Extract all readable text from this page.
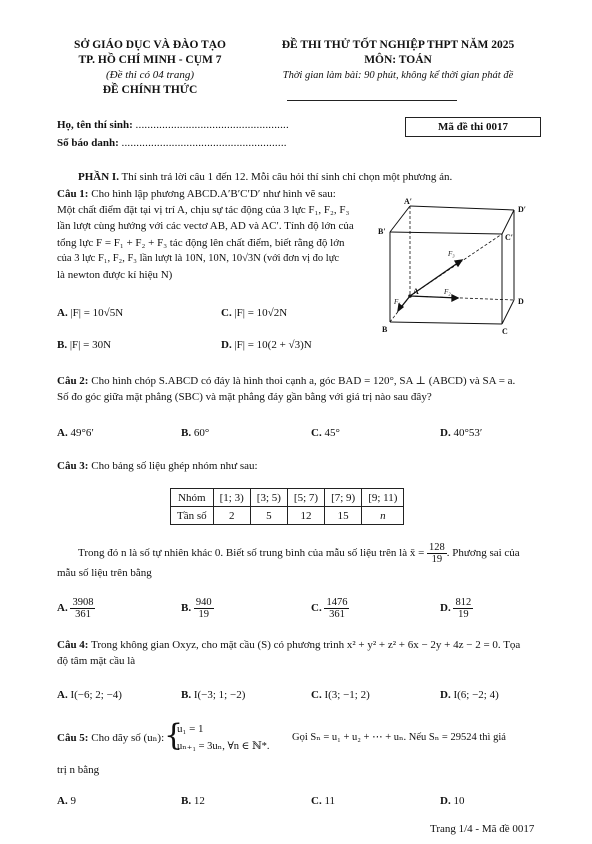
SỞ GIÁO DỤC VÀ ĐÀO TẠO
TP. HỒ CHÍ MINH - CỤM 7
(Đề thi có 04 trang)
ĐỀ CHÍNH THỨC
ĐỀ THI THỬ TỐT NGHIỆP THPT NĂM 2025
MÔN: TOÁN
Thời gian làm bài: 90 phút, không kể thời gian phát đề
Họ, tên thí sinh: ....................................................
Số báo danh: ........................................................
Mã đề thi 0017
PHẦN I. Thí sinh trả lời câu 1 đến 12. Mỗi câu hỏi thí sinh chỉ chọn một phương án.
Câu 1: Cho hình lập phương ABCD.A′B′C′D′ như hình vẽ sau:
Một chất điểm đặt tại vị trí A, chịu sự tác động của 3 lực F₁, F₂, F₃
lần lượt cùng hướng với các vectơ AB, AD và AC′. Tính độ lớn của
tổng lực F = F₁ + F₂ + F₃ tác động lên chất điểm, biết rằng độ lớn
của 3 lực F₁, F₂, F₃ lần lượt là 10N, 10N, 10√3N (với đơn vị đo lực
là newton được kí hiệu N)
A′
D′
B′
C′
A
D
B	C
F₁
F₂
F₃
A. |F| = 10√5N	C. |F| = 10√2N
B. |F| = 30N	D. |F| = 10(2 + √3)N
Câu 2: Cho hình chóp S.ABCD có đáy là hình thoi cạnh a, góc BAD = 120°, SA ⊥ (ABCD) và SA = a.
Số đo góc giữa mặt phẳng (SBC) và mặt phẳng đáy gần bằng với giá trị nào sau đây?
A. 49°6′	B. 60°	C. 45°	D. 40°53′
Câu 3: Cho bảng số liệu ghép nhóm như sau:
Nhóm	[1; 3)	[3; 5)	[5; 7)	[7; 9)	[9; 11)
Tần số	2	5	12	15	n
Trong đó n là số tự nhiên khác 0. Biết số trung bình của mẫu số liệu trên là x̄ = $\frac{128}{19}$ . Phương sai của
mẫu số liệu trên bằng
A. $\frac{3908}{361}$	B. $\frac{940}{19}$	C. $\frac{1476}{361}$	D. $\frac{812}{19}$
Câu 4: Trong không gian Oxyz, cho mặt cầu (S) có phương trình x² + y² + z² + 6x − 2y + 4z − 2 = 0. Tọa
độ tâm mặt cầu là
A. I(−6; 2; −4)	B. I(−3; 1; −2)	C. I(3; −1; 2)	D. I(6; −2; 4)
Câu 5: Cho dãy số (uₙ): {
u₁ = 1
uₙ₊₁ = 3uₙ, ∀n ∈ ℕ*.
Gọi Sₙ = u₁ + u₂ + ⋯ + uₙ. Nếu Sₙ = 29524 thì giá
trị n bằng
A. 9	B. 12	C. 11	D. 10
Trang 1/4 - Mã đề 0017
